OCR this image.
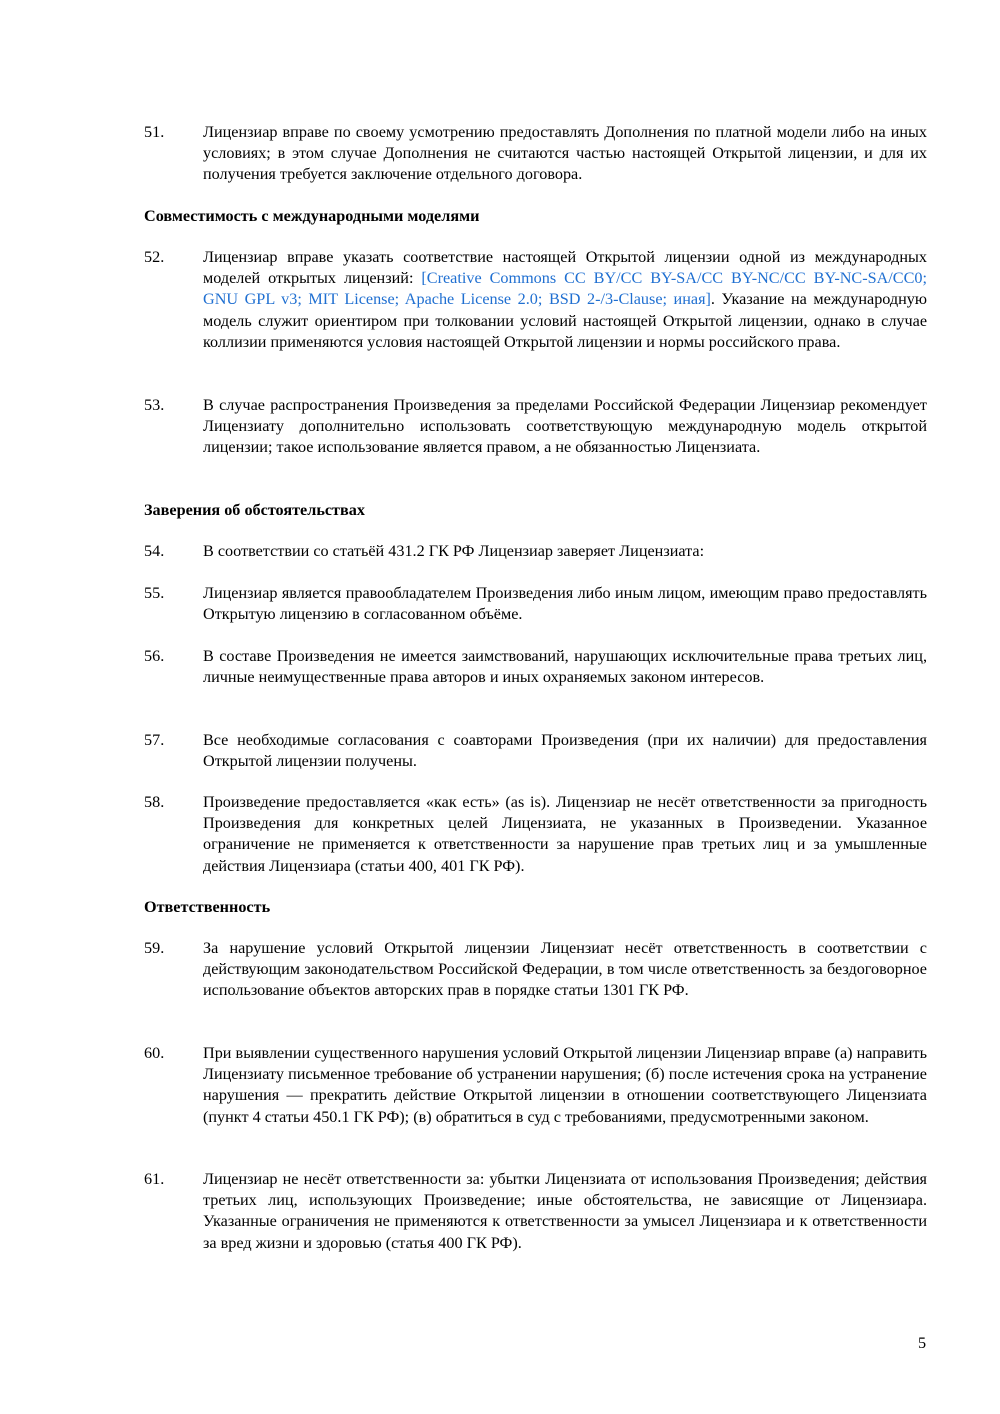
51. Лицензиар вправе по своему усмотрению предоставлять Дополнения по платной модели либо на иных условиях; в этом случае Дополнения не считаются частью настоящей Открытой лицензии, и для их получения требуется заключение отдельного договора.
Совместимость с международными моделями
52. Лицензиар вправе указать соответствие настоящей Открытой лицензии одной из международных моделей открытых лицензий: [Creative Commons CC BY/CC BY-SA/CC BY-NC/CC BY-NC-SA/CC0; GNU GPL v3; MIT License; Apache License 2.0; BSD 2-/3-Clause; иная]. Указание на международную модель служит ориентиром при толковании условий настоящей Открытой лицензии, однако в случае коллизии применяются условия настоящей Открытой лицензии и нормы российского права.
53. В случае распространения Произведения за пределами Российской Федерации Лицензиар рекомендует Лицензиату дополнительно использовать соответствующую международную модель открытой лицензии; такое использование является правом, а не обязанностью Лицензиата.
Заверения об обстоятельствах
54. В соответствии со статьёй 431.2 ГК РФ Лицензиар заверяет Лицензиата:
55. Лицензиар является правообладателем Произведения либо иным лицом, имеющим право предоставлять Открытую лицензию в согласованном объёме.
56. В составе Произведения не имеется заимствований, нарушающих исключительные права третьих лиц, личные неимущественные права авторов и иных охраняемых законом интересов.
57. Все необходимые согласования с соавторами Произведения (при их наличии) для предоставления Открытой лицензии получены.
58. Произведение предоставляется «как есть» (as is). Лицензиар не несёт ответственности за пригодность Произведения для конкретных целей Лицензиата, не указанных в Произведении. Указанное ограничение не применяется к ответственности за нарушение прав третьих лиц и за умышленные действия Лицензиара (статьи 400, 401 ГК РФ).
Ответственность
59. За нарушение условий Открытой лицензии Лицензиат несёт ответственность в соответствии с действующим законодательством Российской Федерации, в том числе ответственность за бездоговорное использование объектов авторских прав в порядке статьи 1301 ГК РФ.
60. При выявлении существенного нарушения условий Открытой лицензии Лицензиар вправе (а) направить Лицензиату письменное требование об устранении нарушения; (б) после истечения срока на устранение нарушения — прекратить действие Открытой лицензии в отношении соответствующего Лицензиата (пункт 4 статьи 450.1 ГК РФ); (в) обратиться в суд с требованиями, предусмотренными законом.
61. Лицензиар не несёт ответственности за: убытки Лицензиата от использования Произведения; действия третьих лиц, использующих Произведение; иные обстоятельства, не зависящие от Лицензиара. Указанные ограничения не применяются к ответственности за умысел Лицензиара и к ответственности за вред жизни и здоровью (статья 400 ГК РФ).
5
